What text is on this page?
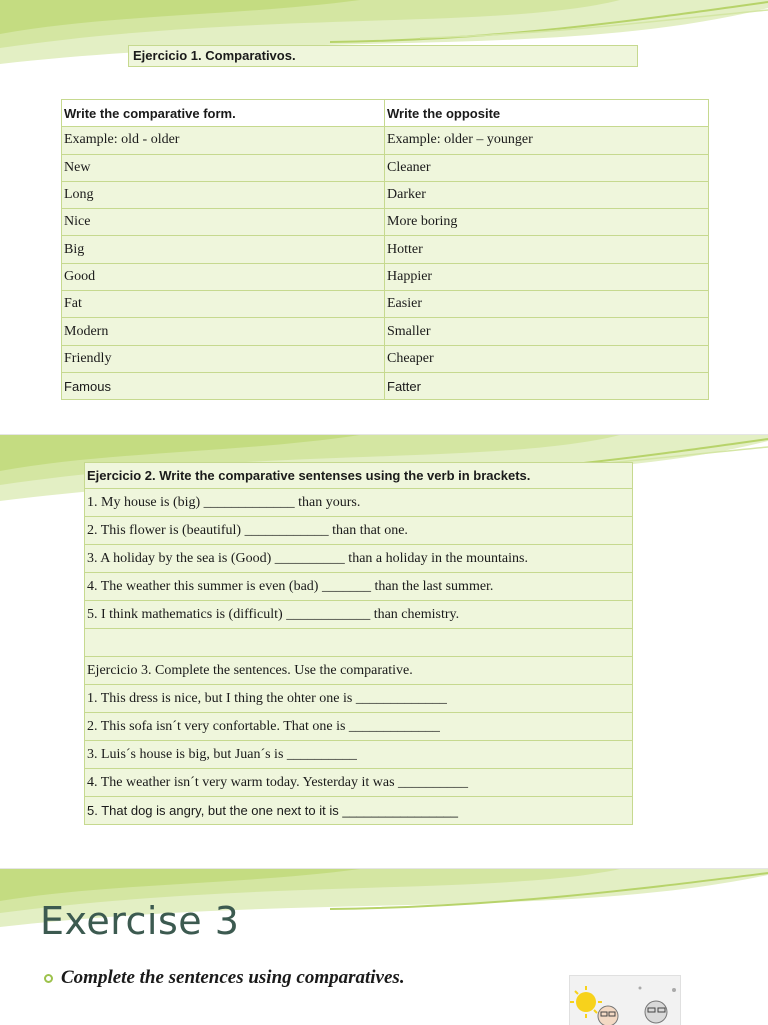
Ejercicio 1. Comparativos.
Write the comparative form.	Write the opposite
Example: old - older	Example: older – younger
New	Cleaner
Long	Darker
Nice	More boring
Big	Hotter
Good	Happier
Fat	Easier
Modern	Smaller
Friendly	Cheaper
Famous	Fatter
Ejercicio 2. Write the comparative sentenses using the verb in brackets.
1. My house is (big) _____________ than yours.
2. This flower is (beautiful) ____________ than that one.
3. A holiday by the sea is (Good) __________ than a holiday in the mountains.
4. The weather this summer is even (bad) _______ than the last summer.
5. I think mathematics is (difficult) ____________ than chemistry.

Ejercicio 3. Complete the sentences. Use the comparative.
1. This dress is nice, but I thing the ohter one is _____________
2. This sofa isn´t very confortable. That one is _____________
3. Luis´s house is big, but Juan´s is __________
4. The weather isn´t very warm today. Yesterday it was __________
5. That dog is angry, but the one next to it is ________________
Exercise 3
Complete the sentences using comparatives.
